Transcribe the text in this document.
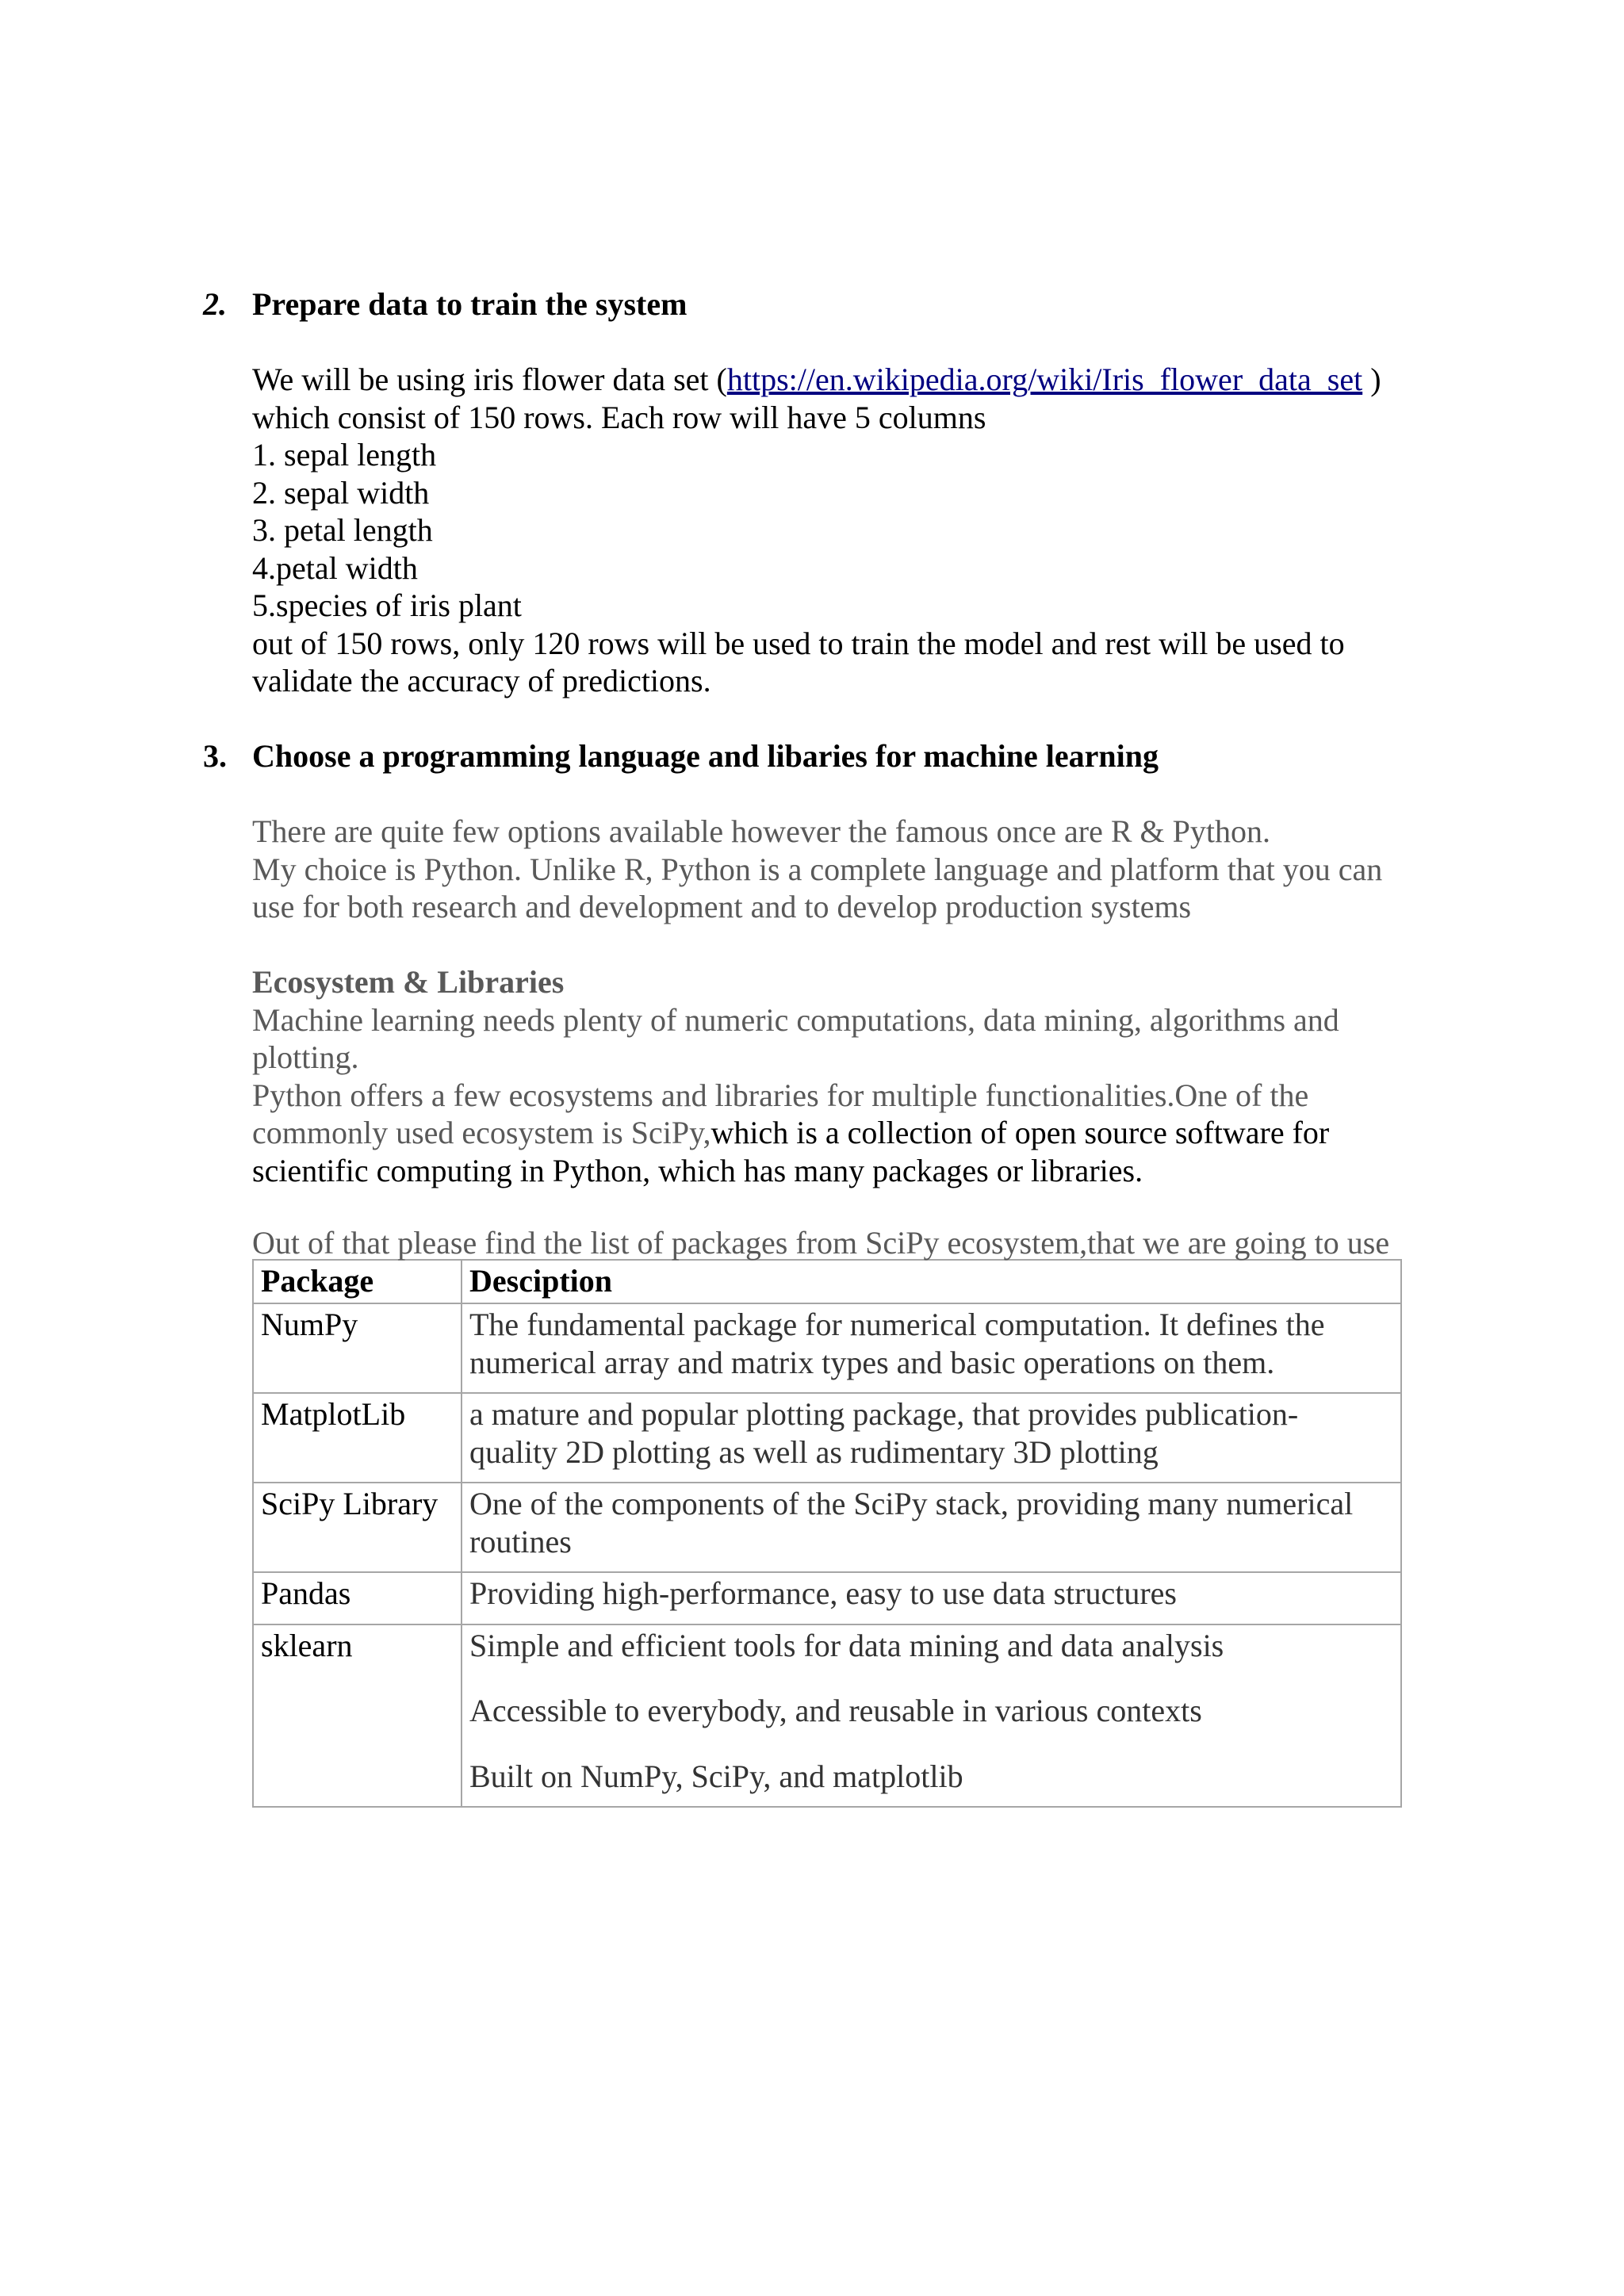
2. Prepare data to train the system
We will be using iris flower data set (https://en.wikipedia.org/wiki/Iris_flower_data_set )
which consist of 150 rows. Each row will have 5 columns
1. sepal length
2. sepal width
3. petal length
4.petal width
5.species of iris plant
out of 150 rows, only 120 rows will be used to train the model and rest will be used to
validate the accuracy of predictions.
3. Choose a programming language and libaries for machine learning
There are quite few options available however the famous once are R & Python.
My choice is Python. Unlike R, Python is a complete language and platform that you can
use for both research and development and to develop production systems
Ecosystem & Libraries
Machine learning needs plenty of numeric computations, data mining, algorithms and
plotting.
Python offers a few ecosystems and libraries for multiple functionalities.One of the
commonly used ecosystem is SciPy,which is a collection of open source software for
scientific computing in Python, which has many packages or libraries.
Out of that please find the list of packages from SciPy ecosystem,that we are going to use
Package	Desciption
NumPy	The fundamental package for numerical computation. It defines the
numerical array and matrix types and basic operations on them.

MatplotLib	a mature and popular plotting package, that provides publication-
quality 2D plotting as well as rudimentary 3D plotting

SciPy Library	One of the components of the SciPy stack, providing many numerical
routines

Pandas	Providing high-performance, easy to use data structures

sklearn	Simple and efficient tools for data mining and data analysis
Accessible to everybody, and reusable in various contexts
Built on NumPy, SciPy, and matplotlib
